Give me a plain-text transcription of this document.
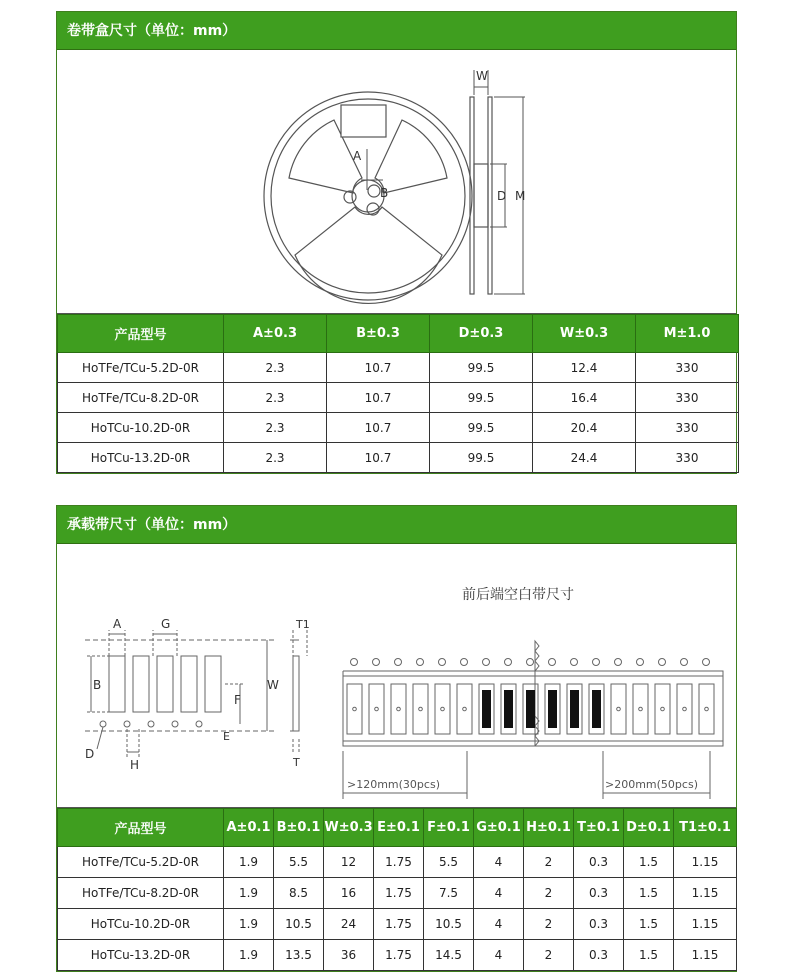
卷带盒尺寸（单位：mm）
A
B
W
D M
产品型号	A±0.3	B±0.3	D±0.3	W±0.3	M±1.0
HoTFe/TCu-5.2D-0R	2.3	10.7	99.5	12.4	330
HoTFe/TCu-8.2D-0R	2.3	10.7	99.5	16.4	330
HoTCu-10.2D-0R	2.3	10.7	99.5	20.4	330
HoTCu-13.2D-0R	2.3	10.7	99.5	24.4	330
承载带尺寸（单位：mm）
A	G	T1
B	W
F
E
D
H	T
前后端空白带尺寸
>120mm(30pcs)	>200mm(50pcs)
产品型号	A±0.1	B±0.1	W±0.3	E±0.1	F±0.1	G±0.1	H±0.1	T±0.1	D±0.1	T1±0.1
HoTFe/TCu-5.2D-0R	1.9	5.5	12	1.75	5.5	4	2	0.3	1.5	1.15
HoTFe/TCu-8.2D-0R	1.9	8.5	16	1.75	7.5	4	2	0.3	1.5	1.15
HoTCu-10.2D-0R	1.9	10.5	24	1.75	10.5	4	2	0.3	1.5	1.15
HoTCu-13.2D-0R	1.9	13.5	36	1.75	14.5	4	2	0.3	1.5	1.15
